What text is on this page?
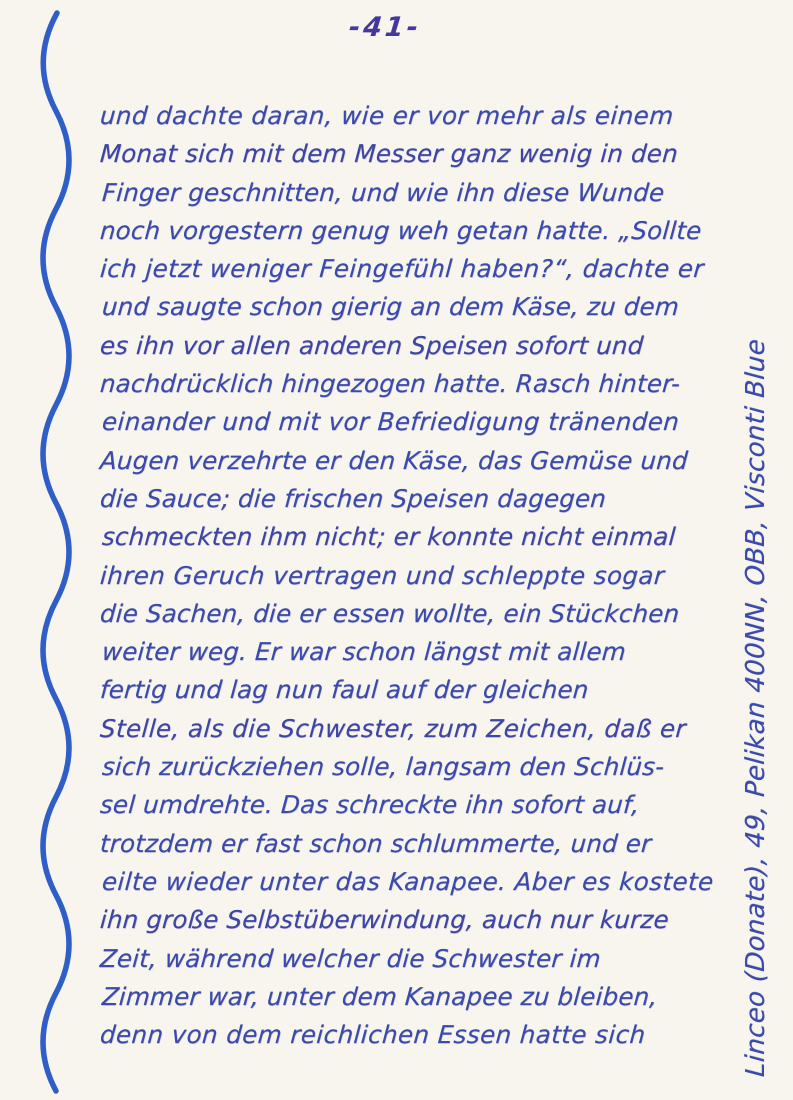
-41-
und dachte daran, wie er vor mehr als einem
Monat sich mit dem Messer ganz wenig in den
Finger geschnitten, und wie ihn diese Wunde
noch vorgestern genug weh getan hatte. „Sollte
ich jetzt weniger Feingefühl haben?“, dachte er
und saugte schon gierig an dem Käse, zu dem
es ihn vor allen anderen Speisen sofort und
nachdrücklich hingezogen hatte. Rasch hinter-
einander und mit vor Befriedigung tränenden
Augen verzehrte er den Käse, das Gemüse und
die Sauce; die frischen Speisen dagegen
schmeckten ihm nicht; er konnte nicht einmal
ihren Geruch vertragen und schleppte sogar
die Sachen, die er essen wollte, ein Stückchen
weiter weg. Er war schon längst mit allem
fertig und lag nun faul auf der gleichen
Stelle, als die Schwester, zum Zeichen, daß er
sich zurückziehen solle, langsam den Schlüs-
sel umdrehte. Das schreckte ihn sofort auf,
trotzdem er fast schon schlummerte, und er
eilte wieder unter das Kanapee. Aber es kostete
ihn große Selbstüberwindung, auch nur kurze
Zeit, während welcher die Schwester im
Zimmer war, unter dem Kanapee zu bleiben,
denn von dem reichlichen Essen hatte sich	Linceo (Donate), 49, Pelikan 400NN, OBB, Visconti Blue
